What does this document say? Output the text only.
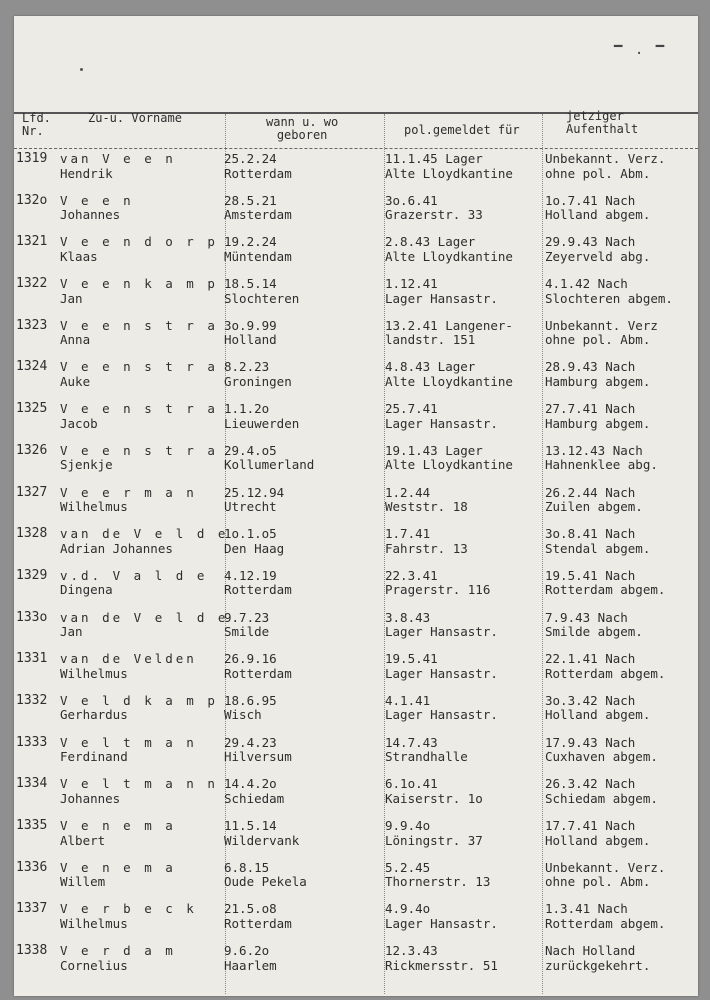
▔ · ▔
Lfd.
Nr.
Zu-u. Vorname	wann u. wo
geboren	pol.gemeldet für
jetziger
Aufenthalt
1319 van V e e n
Hendrik
25.2.24
Rotterdam
11.1.45 Lager
Alte Lloydkantine
Unbekannt. Verz.
ohne pol. Abm.
132o V e e n
Johannes
28.5.21
Amsterdam
3o.6.41
Grazerstr. 33
1o.7.41 Nach
Holland abgem.
1321 V e e n d o r p
Klaas
19.2.24
Müntendam
2.8.43 Lager
Alte Lloydkantine
29.9.43 Nach
Zeyerveld abg.
1322 V e e n k a m p
Jan
18.5.14
Slochteren
1.12.41
Lager Hansastr.
4.1.42 Nach
Slochteren abgem.
1323 V e e n s t r a
Anna
3o.9.99
Holland
13.2.41 Langener-
landstr. 151
Unbekannt. Verz
ohne pol. Abm.
1324 V e e n s t r a
Auke
8.2.23
Groningen
4.8.43 Lager
Alte Lloydkantine
28.9.43 Nach
Hamburg abgem.
1325 V e e n s t r a
Jacob
1.1.2o
Lieuwerden
25.7.41
Lager Hansastr.
27.7.41 Nach
Hamburg abgem.
1326 V e e n s t r a
Sjenkje
29.4.o5
Kollumerland
19.1.43 Lager
Alte Lloydkantine
13.12.43 Nach
Hahnenklee abg.
1327 V e e r m a n
Wilhelmus
25.12.94
Utrecht
1.2.44
Weststr. 18
26.2.44 Nach
Zuilen abgem.
1328 van de V e l d e
Adrian Johannes
1o.1.o5
Den Haag
1.7.41
Fahrstr. 13
3o.8.41 Nach
Stendal abgem.
1329 v.d. V a l d e
Dingena
4.12.19
Rotterdam
22.3.41
Pragerstr. 116
19.5.41 Nach
Rotterdam abgem.
133o van de V e l d e
Jan
9.7.23
Smilde
3.8.43
Lager Hansastr.
7.9.43 Nach
Smilde abgem.
1331 van de Velden
Wilhelmus
26.9.16
Rotterdam
19.5.41
Lager Hansastr.
22.1.41 Nach
Rotterdam abgem.
1332 V e l d k a m p
Gerhardus
18.6.95
Wisch
4.1.41
Lager Hansastr.
3o.3.42 Nach
Holland abgem.
1333 V e l t m a n
Ferdinand
29.4.23
Hilversum
14.7.43
Strandhalle
17.9.43 Nach
Cuxhaven abgem.
1334 V e l t m a n n
Johannes
14.4.2o
Schiedam
6.1o.41
Kaiserstr. 1o
26.3.42 Nach
Schiedam abgem.
1335 V e n e m a
Albert
11.5.14
Wildervank
9.9.4o
Löningstr. 37
17.7.41 Nach
Holland abgem.
1336 V e n e m a
Willem
6.8.15
Oude Pekela
5.2.45
Thornerstr. 13
Unbekannt. Verz.
ohne pol. Abm.
1337 V e r b e c k
Wilhelmus
21.5.o8
Rotterdam
4.9.4o
Lager Hansastr.
1.3.41 Nach
Rotterdam abgem.
1338 V e r d a m
Cornelius
9.6.2o
Haarlem
12.3.43
Rickmersstr. 51
Nach Holland
zurückgekehrt.
